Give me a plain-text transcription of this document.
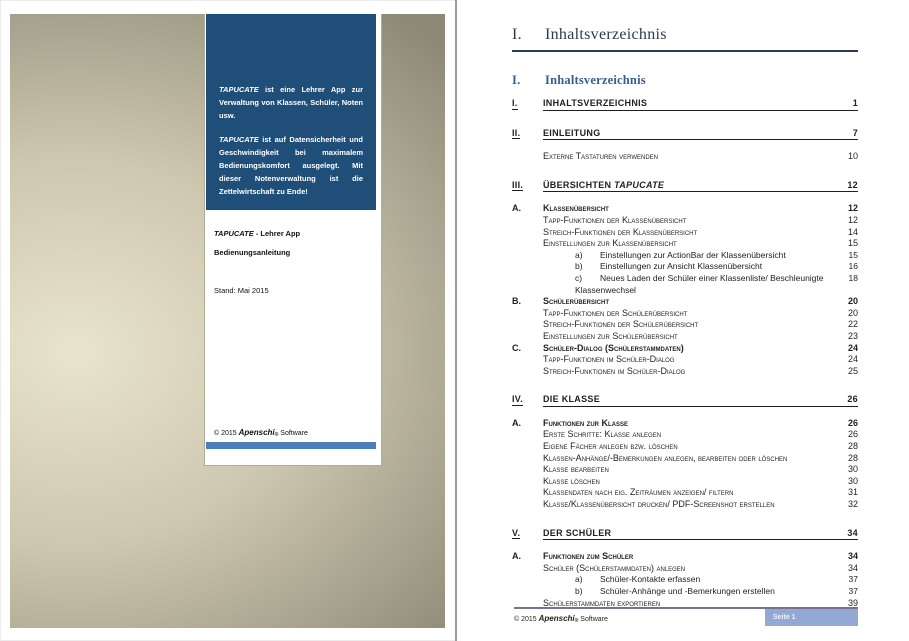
TAPUCATE ist eine Lehrer App zur Verwaltung von Klassen, Schüler, Noten usw.

TAPUCATE ist auf Datensicherheit und Geschwindigkeit bei maximalem Bedienungskomfort ausgelegt. Mit dieser Notenverwaltung ist die Zettelwirtschaft zu Ende!

TAPUCATE - Lehrer App
Bedienungsanleitung
Stand: Mai 2015
© 2015 Apenschi® Software
I. Inhaltsverzeichnis
I. Inhaltsverzeichnis
I.	INHALTSVERZEICHNIS	1
II.	EINLEITUNG	7
Externe Tastaturen verwenden	10
III.	ÜBERSICHTEN TAPUCATE	12
A.	Klassenübersicht	12
Tapp-Funktionen der Klassenübersicht	12
Streich-Funktionen der Klassenübersicht	14
Einstellungen zur Klassenübersicht	15
a) Einstellungen zur ActionBar der Klassenübersicht	15
b) Einstellungen zur Ansicht Klassenübersicht	16
c) Neues Laden der Schüler einer Klassenliste/ Beschleunigte Klassenwechsel
18
B.	Schülerübersicht	20
Tapp-Funktionen der Schülerübersicht	20
Streich-Funktionen der Schülerübersicht	22
Einstellungen zur Schülerübersicht	23
C.	Schüler-Dialog (Schülerstammdaten)	24
Tapp-Funktionen im Schüler-Dialog	24
Streich-Funktionen im Schüler-Dialog	25
IV.	DIE KLASSE	26
A.	Funktionen zur Klasse	26
Erste Schritte: Klasse anlegen	26
Eigene Fächer anlegen bzw. löschen	28
Klassen-Anhänge/-Bemerkungen anlegen, bearbeiten oder löschen	28
Klasse bearbeiten	30
Klasse löschen	30
Klassendaten nach eig. Zeiträumen anzeigen/ filtern	31
Klasse/Klassenübersicht drucken/ PDF-Screenshot erstellen	32
V.	DER SCHÜLER	34
A.	Funktionen zum Schüler	34
Schüler (Schülerstammdaten) anlegen	34
a) Schüler-Kontakte erfassen	37
b) Schüler-Anhänge und -Bemerkungen erstellen	37
Schülerstammdaten exportieren	39
© 2015 Apenschi® Software	Seite 1
